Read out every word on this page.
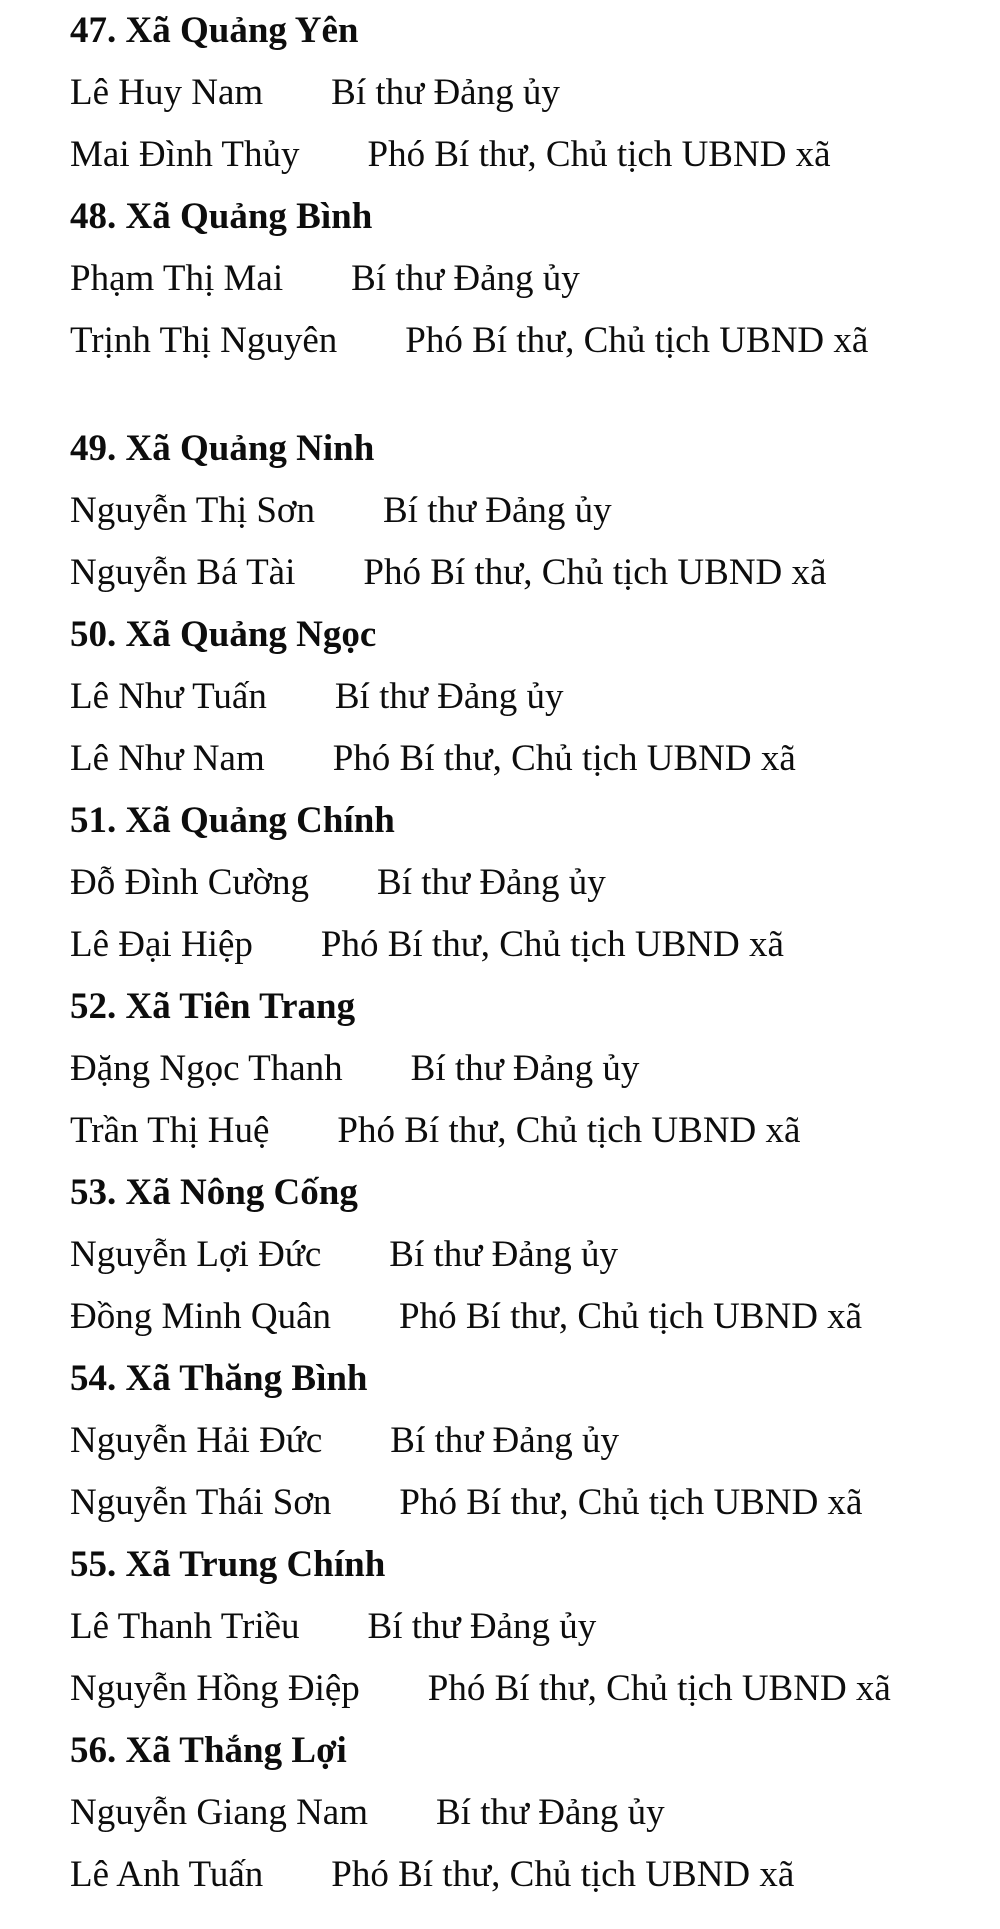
47. Xã Quảng Yên
Lê Huy Nam Bí thư Đảng ủy
Mai Đình Thủy Phó Bí thư, Chủ tịch UBND xã
48. Xã Quảng Bình
Phạm Thị Mai Bí thư Đảng ủy
Trịnh Thị Nguyên Phó Bí thư, Chủ tịch UBND xã
49. Xã Quảng Ninh
Nguyễn Thị Sơn Bí thư Đảng ủy
Nguyễn Bá Tài Phó Bí thư, Chủ tịch UBND xã
50. Xã Quảng Ngọc
Lê Như Tuấn Bí thư Đảng ủy
Lê Như Nam Phó Bí thư, Chủ tịch UBND xã
51. Xã Quảng Chính
Đỗ Đình Cường Bí thư Đảng ủy
Lê Đại Hiệp Phó Bí thư, Chủ tịch UBND xã
52. Xã Tiên Trang
Đặng Ngọc Thanh Bí thư Đảng ủy
Trần Thị Huệ Phó Bí thư, Chủ tịch UBND xã
53. Xã Nông Cống
Nguyễn Lợi Đức Bí thư Đảng ủy
Đồng Minh Quân Phó Bí thư, Chủ tịch UBND xã
54. Xã Thăng Bình
Nguyễn Hải Đức Bí thư Đảng ủy
Nguyễn Thái Sơn Phó Bí thư, Chủ tịch UBND xã
55. Xã Trung Chính
Lê Thanh Triều Bí thư Đảng ủy
Nguyễn Hồng Điệp Phó Bí thư, Chủ tịch UBND xã
56. Xã Thắng Lợi
Nguyễn Giang Nam Bí thư Đảng ủy
Lê Anh Tuấn Phó Bí thư, Chủ tịch UBND xã
